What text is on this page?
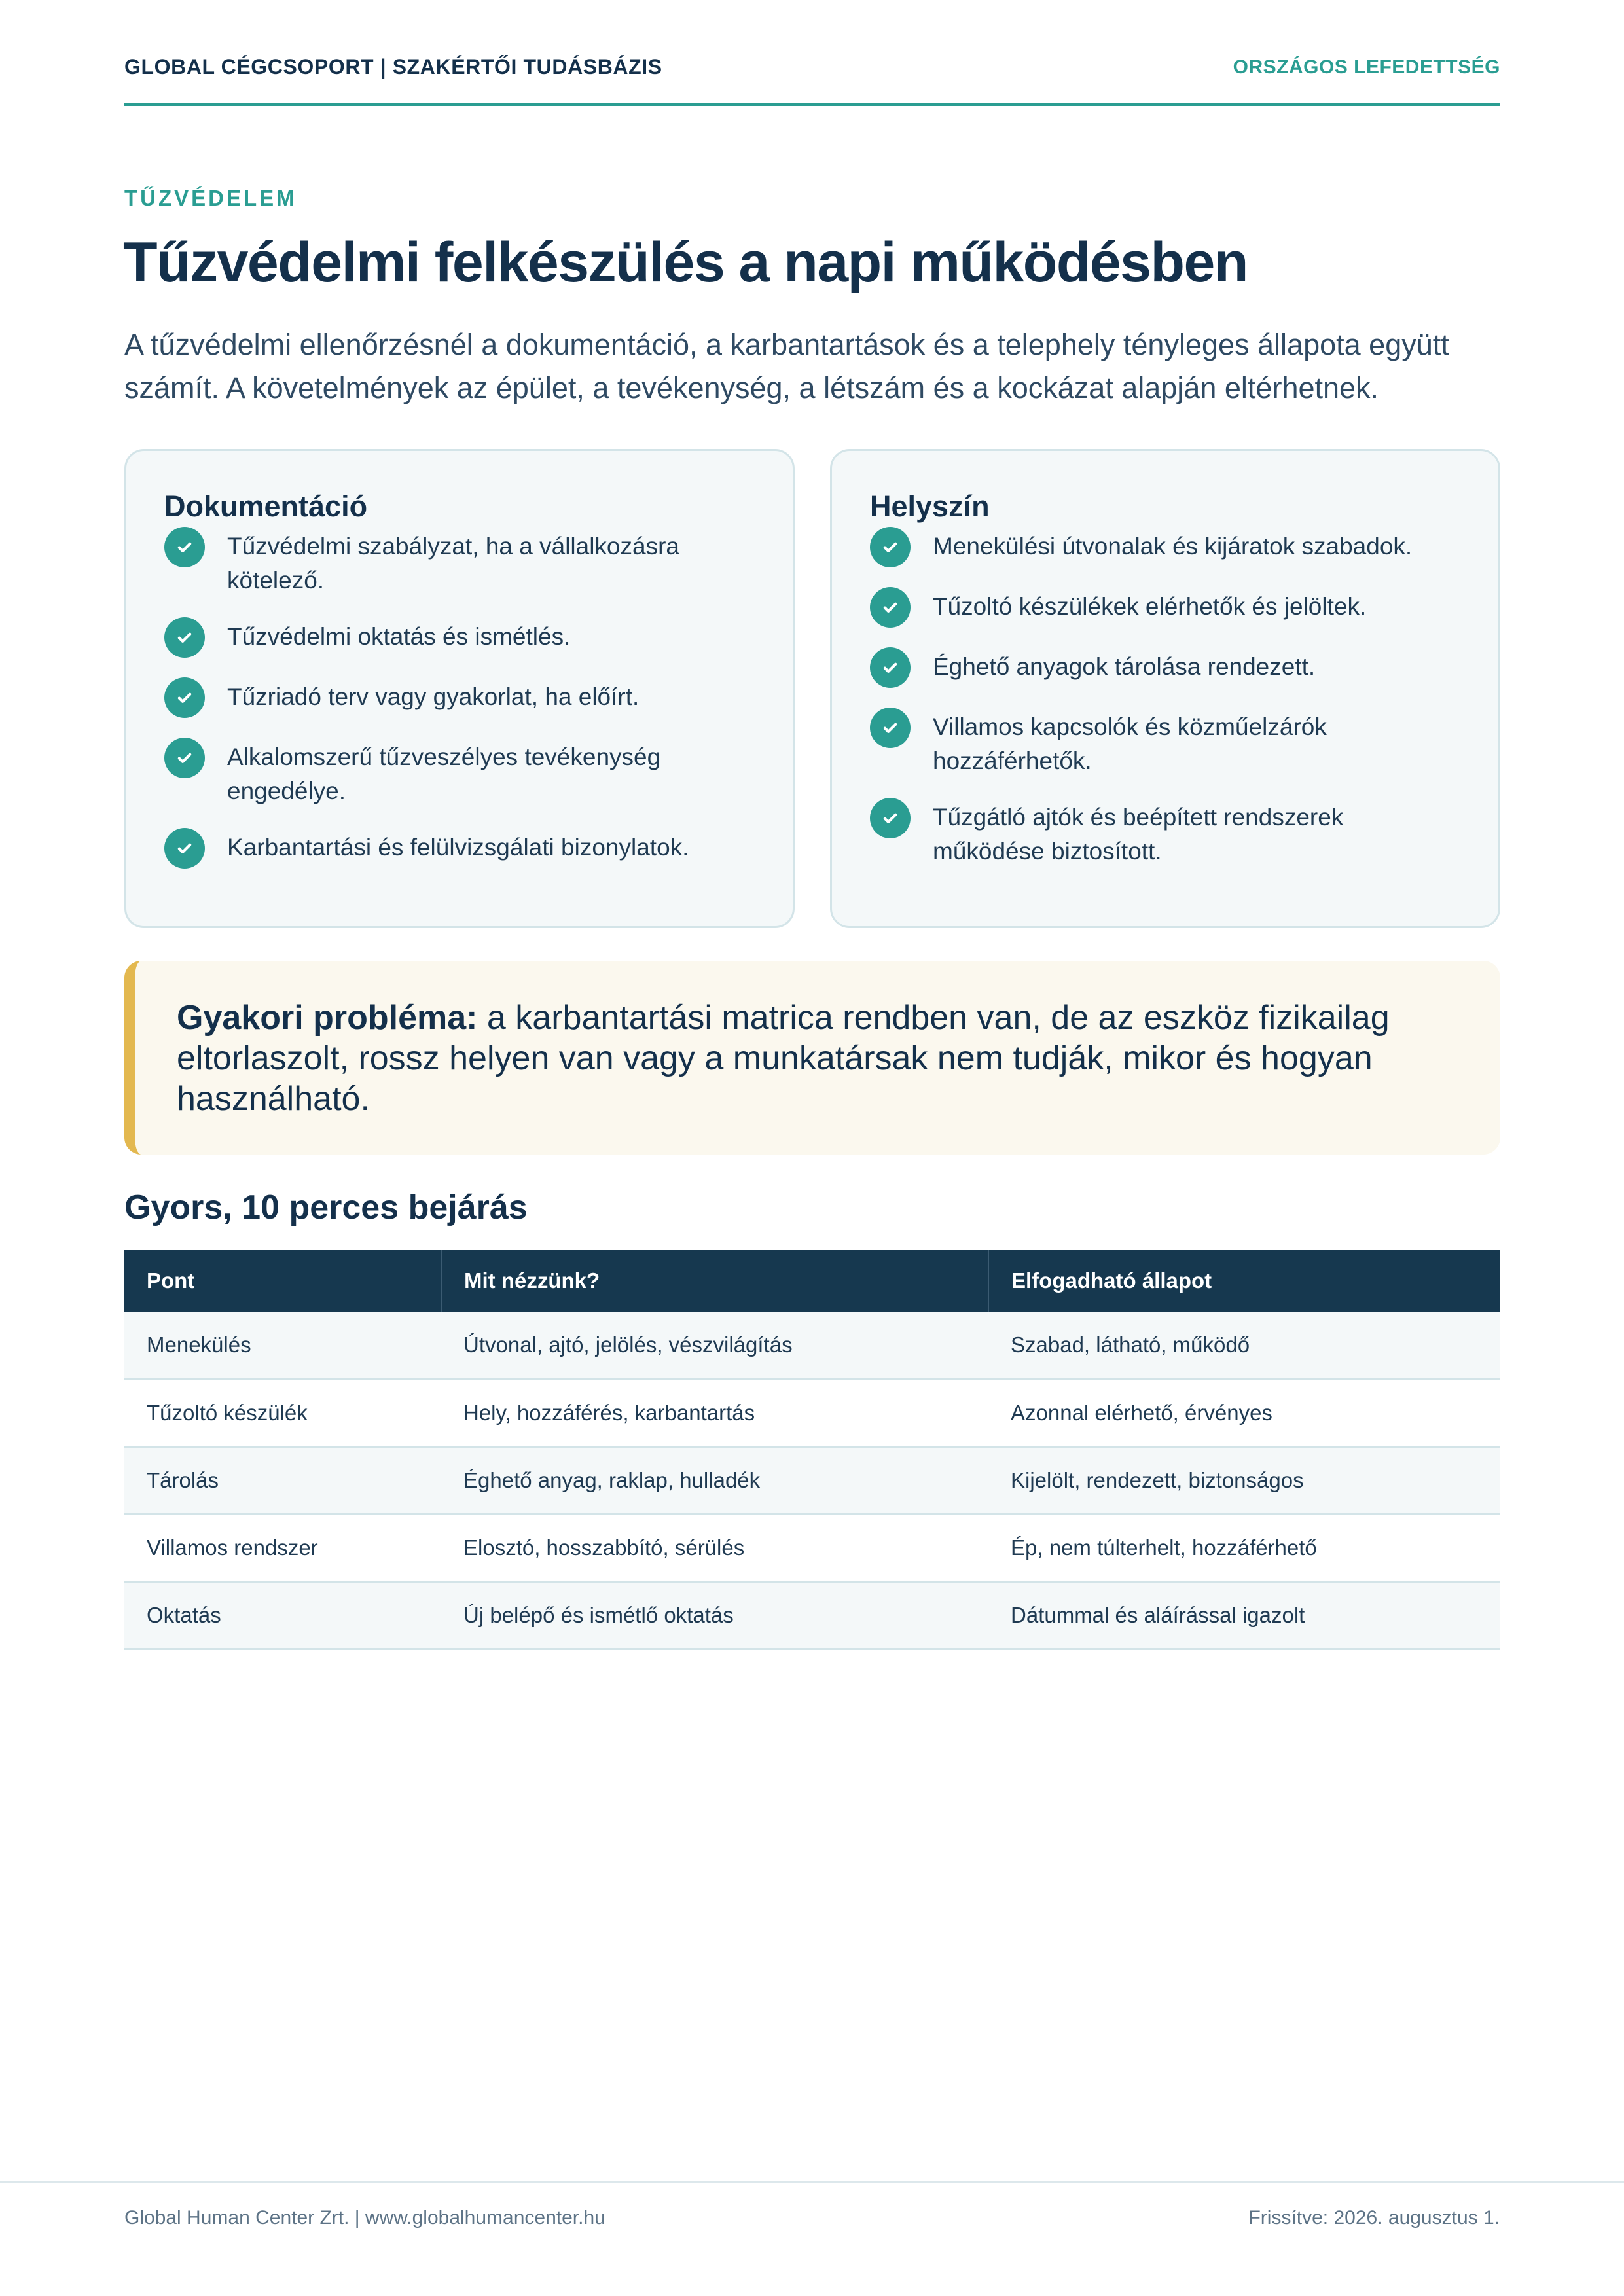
GLOBAL CÉGCSOPORT | SZAKÉRTŐI TUDÁSBÁZIS	ORSZÁGOS LEFEDETTSÉG
TŰZVÉDELEM
Tűzvédelmi felkészülés a napi működésben

A tűzvédelmi ellenőrzésnél a dokumentáció, a karbantartások és a telephely tényleges állapota együtt számít. A követelmények az épület, a tevékenység, a létszám és a kockázat alapján eltérhetnek.

Dokumentáció
Tűzvédelmi szabályzat, ha a vállalkozásra kötelező.
Tűzvédelmi oktatás és ismétlés.
Tűzriadó terv vagy gyakorlat, ha előírt.
Alkalomszerű tűzveszélyes tevékenység engedélye.
Karbantartási és felülvizsgálati bizonylatok.
Helyszín
Menekülési útvonalak és kijáratok szabadok.
Tűzoltó készülékek elérhetők és jelöltek.
Éghető anyagok tárolása rendezett.
Villamos kapcsolók és közműelzárók hozzáférhetők.
Tűzgátló ajtók és beépített rendszerek működése biztosított.
Gyakori probléma: a karbantartási matrica rendben van, de az eszköz fizikailag eltorlaszolt, rossz helyen van vagy a munkatársak nem tudják, mikor és hogyan használható.
Gyors, 10 perces bejárás
Pont	Mit nézzünk?	Elfogadható állapot
Menekülés	Útvonal, ajtó, jelölés, vészvilágítás	Szabad, látható, működő
Tűzoltó készülék	Hely, hozzáférés, karbantartás	Azonnal elérhető, érvényes
Tárolás	Éghető anyag, raklap, hulladék	Kijelölt, rendezett, biztonságos
Villamos rendszer	Elosztó, hosszabbító, sérülés	Ép, nem túlterhelt, hozzáférhető
Oktatás	Új belépő és ismétlő oktatás	Dátummal és aláírással igazolt
Global Human Center Zrt. | www.globalhumancenter.hu	Frissítve: 2026. augusztus 1.
